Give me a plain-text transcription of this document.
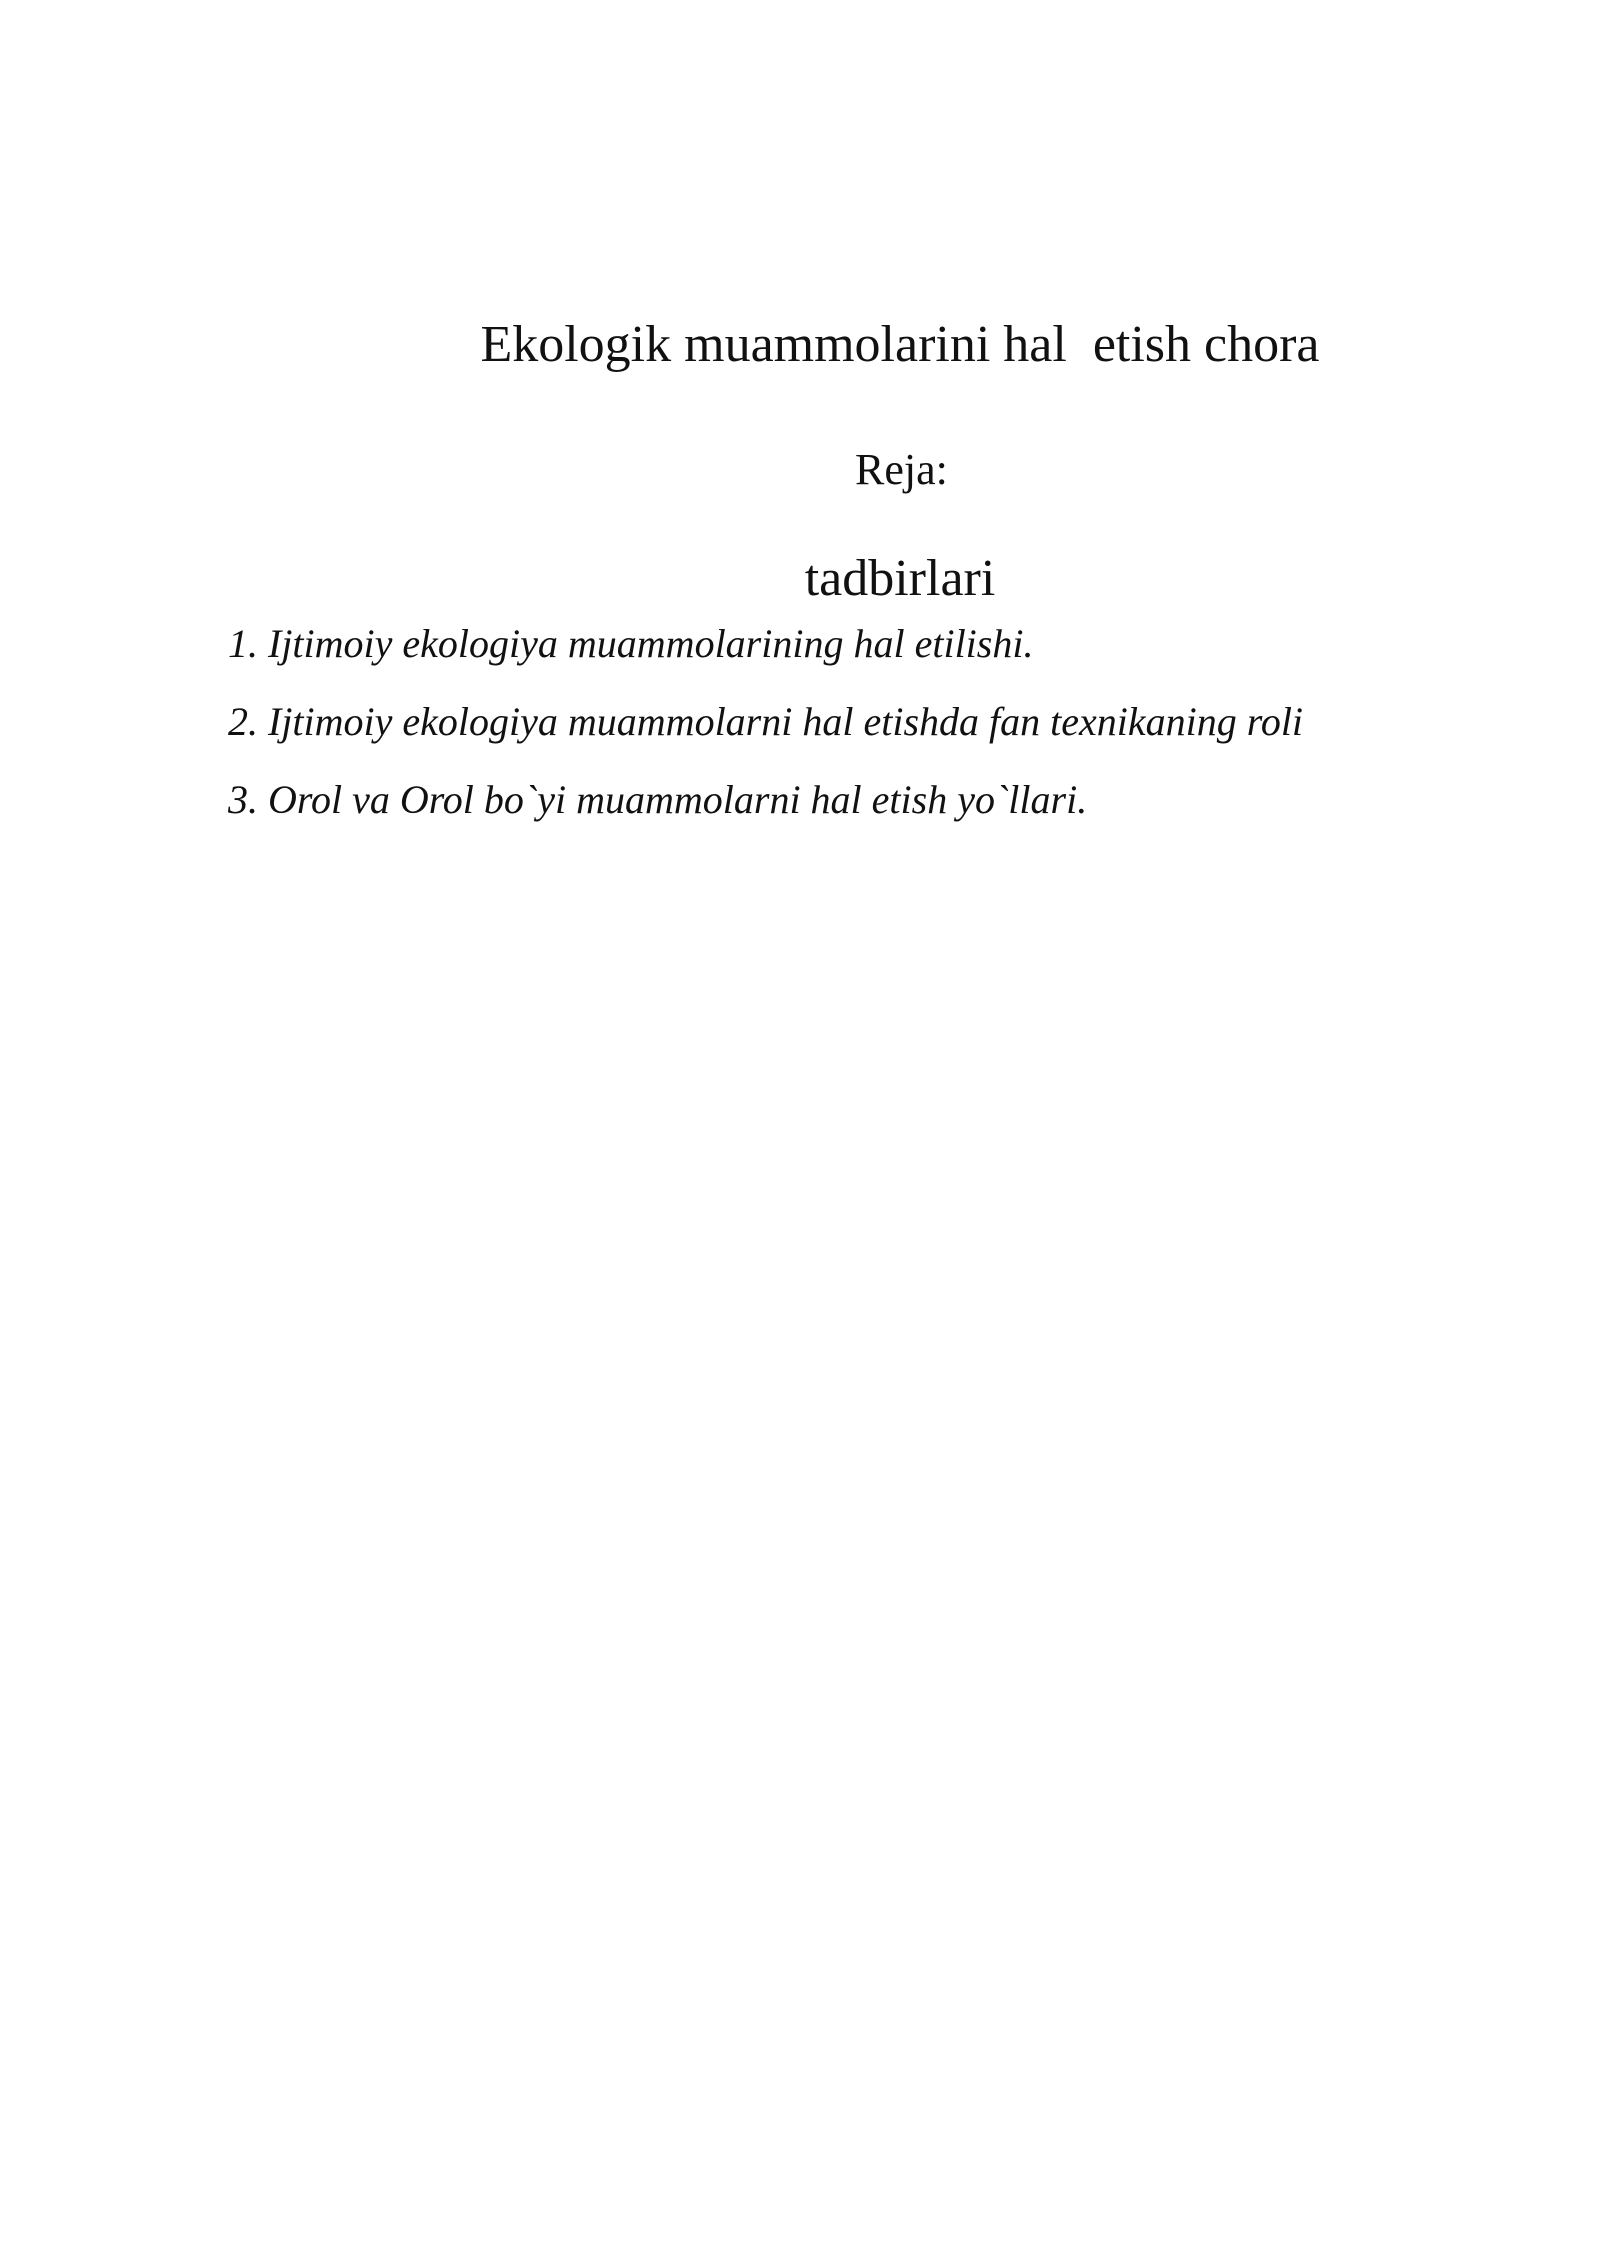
Ekologik muammolarini hal  etish chora

tadbirlari

Reja:
1. Ijtimoiy ekologiya muammolarining hal etilishi.
2. Ijtimoiy ekologiya muammolarni hal etishda fan texnikaning roli
3. Orol va Orol bo`yi muammolarni hal etish yo`llari.
